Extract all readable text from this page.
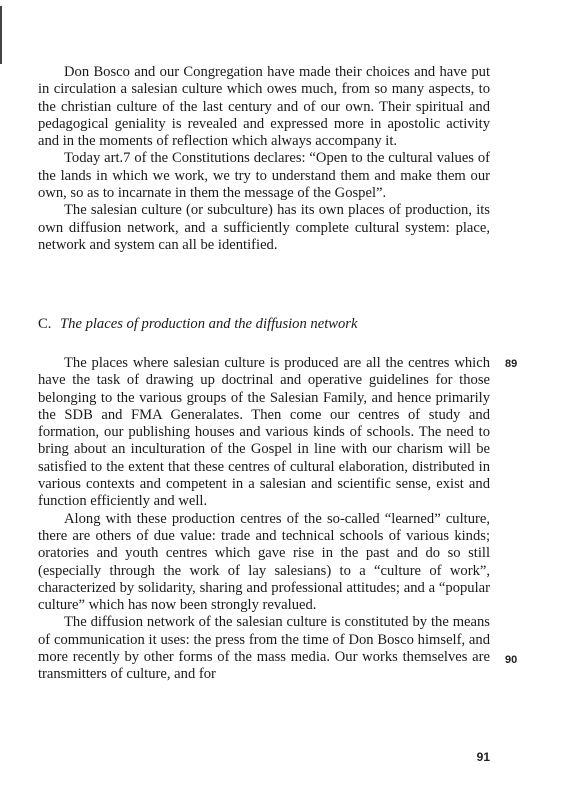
Don Bosco and our Congregation have made their choices and have put in circulation a salesian culture which owes much, from so many aspects, to the christian culture of the last century and of our own. Their spiritual and pedagogical geniality is revealed and expressed more in apostolic activity and in the moments of reflection which always accompany it.

Today art.7 of the Constitutions declares: “Open to the cultural values of the lands in which we work, we try to understand them and make them our own, so as to incarnate in them the message of the Gospel”.

The salesian culture (or subculture) has its own places of production, its own diffusion network, and a sufficiently complete cultural system: place, network and system can all be identified.

C. The places of production and the diffusion network

The places where salesian culture is produced are all the centres which have the task of drawing up doctrinal and operative guidelines for those belonging to the various groups of the Salesian Family, and hence primarily the SDB and FMA Generalates. Then come our centres of study and formation, our publishing houses and various kinds of schools. The need to bring about an inculturation of the Gospel in line with our charism will be satisfied to the extent that these centres of cultural elaboration, distributed in various contexts and competent in a salesian and scientific sense, exist and function efficiently and well.

Along with these production centres of the so-called “learned” culture, there are others of due value: trade and technical schools of various kinds; oratories and youth centres which gave rise in the past and do so still (especially through the work of lay salesians) to a “culture of work”, characterized by solidarity, sharing and professional attitudes; and a “popular culture” which has now been strongly revalued.

The diffusion network of the salesian culture is constituted by the means of communication it uses: the press from the time of Don Bosco himself, and more recently by other forms of the mass media. Our works themselves are transmitters of culture, and for

89
90
91
